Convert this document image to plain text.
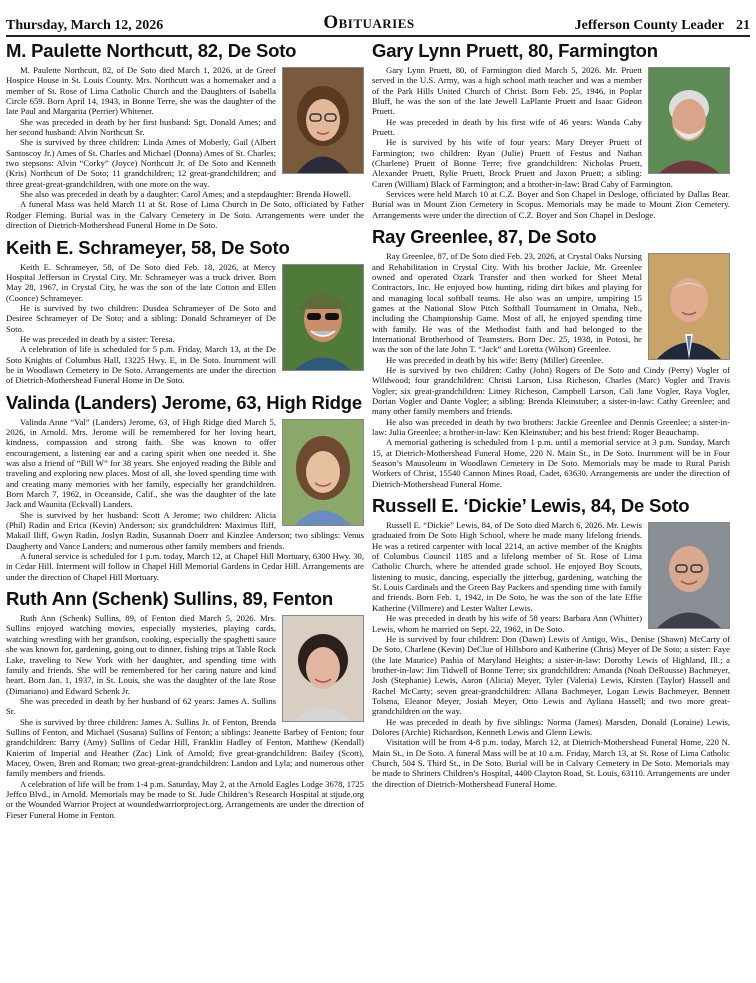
Thursday, March 12, 2026	Obituaries	Jefferson County Leader 21
M. Paulette Northcutt, 82, De Soto

M. Paulette Northcutt, 82, of De Soto died March 1, 2026, at de Greef Hospice House in St. Louis County. Mrs. Northcutt was a homemaker and a member of St. Rose of Lima Catholic Church and the Daughters of Isabella Circle 659. Born April 14, 1943, in Bonne Terre, she was the daughter of the late Paul and Margarita (Perrier) Whitener.

She was preceded in death by her first husband: Sgt. Donald Ames; and her second husband: Alvin Northcutt Sr.

She is survived by three children: Linda Ames of Moberly, Gail (Albert Santoscoy Jr.) Ames of St. Charles and Michael (Donna) Ames of St. Charles; two stepsons: Alvin “Corky” (Joyce) Northcutt Jr. of De Soto and Kenneth (Kris) Northcutt of De Soto; 11 grandchildren; 12 great-grandchildren; and three great-great-grandchildren, with one more on the way.

She also was preceded in death by a daughter: Carol Ames; and a stepdaughter: Brenda Howell.

A funeral Mass was held March 11 at St. Rose of Lima Church in De Soto, officiated by Father Rodger Fleming. Burial was in the Calvary Cemetery in De Soto. Arrangements were under the direction of Dietrich-Mothershead Funeral Home in De Soto.

Keith E. Schrameyer, 58, De Soto

Keith E. Schrameyer, 58, of De Soto died Feb. 18, 2026, at Mercy Hospital Jefferson in Crystal City. Mr. Schrameyer was a truck driver. Born May 28, 1967, in Crystal City, he was the son of the late Cotton and Ellen (Coonce) Schrameyer.

He is survived by two children: Dusdea Schrameyer of De Soto and Desiree Schrameyer of De Soto; and a sibling: Donald Schrameyer of De Soto.

He was preceded in death by a sister: Teresa.

A celebration of life is scheduled for 5 p.m. Friday, March 13, at the De Soto Knights of Columbus Hall, 13225 Hwy. E, in De Soto. Inurnment will be in Woodlawn Cemetery in De Soto. Arrangements are under the direction of Dietrich-Mothershead Funeral Home in De Soto.

Valinda (Landers) Jerome, 63, High Ridge

Valinda Anne “Val” (Landers) Jerome, 63, of High Ridge died March 5, 2026, in Arnold. Mrs. Jerome will be remembered for her loving heart, kindness, compassion and strong faith. She was known to offer encouragement, a listening ear and a caring spirit when one needed it. She was also a friend of “Bill W” for 38 years. She enjoyed reading the Bible and traveling and exploring new places. Most of all, she loved spending time with and creating many memories with her family, especially her grandchildren. Born March 7, 1962, in Oceanside, Calif., she was the daughter of the late Jack and Waunita (Eckvall) Landers.

She is survived by her husband: Scott A Jerome; two children: Alicia (Phil) Radin and Erica (Kevin) Anderson; six grandchildren: Maximus Iliff, Makail Iliff, Gwyn Radin, Joslyn Radin, Susannah Doerr and Kinzlee Anderson; two siblings: Venus Daugherty and Vance Landers; and numerous other family members and friends.

A funeral service is scheduled for 1 p.m. today, March 12, at Chapel Hill Mortuary, 6300 Hwy. 30, in Cedar Hill. Interment will follow in Chapel Hill Memorial Gardens in Cedar Hill. Arrangements are under the direction of Chapel Hill Mortuary.

Ruth Ann (Schenk) Sullins, 89, Fenton

Ruth Ann (Schenk) Sullins, 89, of Fenton died March 5, 2026. Mrs. Sullins enjoyed watching movies, especially mysteries, playing cards, watching wrestling with her grandson, cooking, especially the spaghetti sauce she was known for, gardening, going out to dinner, fishing trips at Table Rock Lake, traveling to New York with her daughter, and spending time with family and friends. She will be remembered for her caring nature and kind heart. Born Jan. 1, 1937, in St. Louis, she was the daughter of the late Rose (Dimariano) and Edward Schenk Jr.

She was preceded in death by her husband of 62 years: James A. Sullins Sr.

She is survived by three children: James A. Sullins Jr. of Fenton, Brenda Sullins of Fenton, and Michael (Susana) Sullins of Fenton; a siblings: Jeanette Barbey of Fenton; four grandchildren: Barry (Amy) Sullins of Cedar Hill, Franklin Hadley of Fenton, Matthew (Kendall) Knierim of Imperial and Heather (Zac) Link of Arnold; five great-grandchildren: Bailey (Scott), Macey, Owen, Bren and Roman; two great-great-grandchildren: Landon and Lyla; and numerous other family members and friends.

A celebration of life will be from 1-4 p.m. Saturday, May 2, at the Arnold Eagles Lodge 3678, 1725 Jeffco Blvd., in Arnold. Memorials may be made to St. Jude Children’s Research Hospital at stjude.org or the Wounded Warrior Project at woundedwarriorproject.org. Arrangements are under the direction of Fieser Funeral Home in Fenton.

Gary Lynn Pruett, 80, Farmington

Gary Lynn Pruett, 80, of Farmington died March 5, 2026. Mr. Pruett served in the U.S. Army, was a high school math teacher and was a member of the Park Hills United Church of Christ. Born Feb. 25, 1946, in Poplar Bluff, he was the son of the late Jewell LaPlante Pruett and Isaac Gideon Pruett.

He was preceded in death by his first wife of 46 years: Wanda Caby Pruett.

He is survived by his wife of four years: Mary Dreyer Pruett of Farmington; two children: Ryan (Julie) Pruett of Festus and Nathan (Charlene) Pruett of Bonne Terre; five grandchildren: Nicholas Pruett, Alexander Pruett, Rylie Pruett, Brock Pruett and Jaxon Pruett; a sibling: Caren (William) Black of Farmington; and a brother-in-law: Brad Caby of Farmington.

Services were held March 10 at C.Z. Boyer and Son Chapel in Desloge, officiated by Dallas Bear. Burial was in Mount Zion Cemetery in Scopus. Memorials may be made to Mount Zion Cemetery. Arrangements were under the direction of C.Z. Boyer and Son Chapel in Desloge.

Ray Greenlee, 87, De Soto

Ray Greenlee, 87, of De Soto died Feb. 23, 2026, at Crystal Oaks Nursing and Rehabilitation in Crystal City. With his brother Jackie, Mr. Greenlee owned and operated Ozark Transfer and then worked for Sheet Metal Contractors, Inc. He enjoyed bow hunting, riding dirt bikes and playing for and managing local softball teams. He also was an umpire, umpiring 15 games at the National Slow Pitch Softball Tournament in Omaha, Neb., including the Championship Game. Most of all, he enjoyed spending time with family. He was of the Methodist faith and had belonged to the International Brotherhood of Teamsters. Born Dec. 25, 1938, in Potosi, he was the son of the late John T. “Jack” and Loretta (Wilson) Greenlee.

He was preceded in death by his wife: Betty (Miller) Greenlee.

He is survived by two children: Cathy (John) Rogers of De Soto and Cindy (Perry) Vogler of Wildwood; four grandchildren: Christi Larson, Lisa Richeson, Charles (Marc) Vogler and Travis Vogler; six great-grandchildren: Litney Richeson, Campbell Larson, Cali Jane Vogler, Raya Vogler, Dorian Vogler and Dante Vogler; a sibling: Brenda Kleinstuber; a sister-in-law: Cathy Greenlee; and many other family members and friends.

He also was preceded in death by two brothers: Jackie Greenlee and Dennis Greenlee; a sister-in-law: Julia Greenlee; a brother-in-law: Ken Kleinstuber; and his best friend: Roger Beauchamp.

A memorial gathering is scheduled from 1 p.m. until a memorial service at 3 p.m. Sunday, March 15, at Dietrich-Mothershead Funeral Home, 220 N. Main St., in De Soto. Inurnment will be in Four Season’s Mausoleum in Woodlawn Cemetery in De Soto. Memorials may be made to Rural Parish Workers of Christ, 15540 Cannon Mines Road, Cadet, 63630. Arrangements are under the direction of Dietrich-Mothershead Funeral Home.

Russell E. ‘Dickie’ Lewis, 84, De Soto

Russell E. “Dickie” Lewis, 84, of De Soto died March 6, 2026. Mr. Lewis graduated from De Soto High School, where he made many lifelong friends. He was a retired carpenter with local 2214, an active member of the Knights of Columbus Council 1185 and a lifelong member of St. Rose of Lima Catholic Church, where he attended grade school. He enjoyed Boy Scouts, listening to music, dancing, especially the jitterbug, gardening, watching the St. Louis Cardinals and the Green Bay Packers and spending time with family and friends. Born Feb. 1, 1942, in De Soto, he was the son of the late Effie Katherine (Villmere) and Lester Walter Lewis.

He was preceded in death by his wife of 58 years: Barbara Ann (Whitter) Lewis, whom he married on Sept. 22, 1962, in De Soto.

He is survived by four children: Don (Dawn) Lewis of Antigo, Wis., Denise (Shawn) McCarty of De Soto, Charlene (Kevin) DeClue of Hillsboro and Katherine (Chris) Meyer of De Soto; a sister: Faye (the late Maurice) Pashia of Maryland Heights; a sister-in-law: Dorothy Lewis of Highland, Ill.; a brother-in-law: Jim Tidwell of Bonne Terre; six grandchildren: Amanda (Noah DeRousse) Bachmeyer, Josh (Stephanie) Lewis, Aaron (Alicia) Meyer, Tyler (Valeria) Lewis, Kirsten (Taylor) Hassell and Rachel McCarty; seven great-grandchildren: Allana Bachmeyer, Logan Lewis Bachmeyer, Bennett Tolsma, Eleanor Meyer, Josiah Meyer, Otto Lewis and Ayliana Hassell; and two more great-grandchildren on the way.

He was preceded in death by five siblings: Norma (James) Marsden, Donald (Loraine) Lewis, Dolores (Archie) Richardson, Kenneth Lewis and Glenn Lewis.

Visitation will be from 4-8 p.m. today, March 12, at Dietrich-Mothershead Funeral Home, 220 N. Main St., in De Soto. A funeral Mass will be at 10 a.m. Friday, March 13, at St. Rose of Lima Catholic Church, 504 S. Third St., in De Soto. Burial will be in Calvary Cemetery in De Soto. Memorials may be made to Shriners Children’s Hospital, 4400 Clayton Road, St. Louis, 63110. Arrangements are under the direction of Dietrich-Mothershead Funeral Home.
